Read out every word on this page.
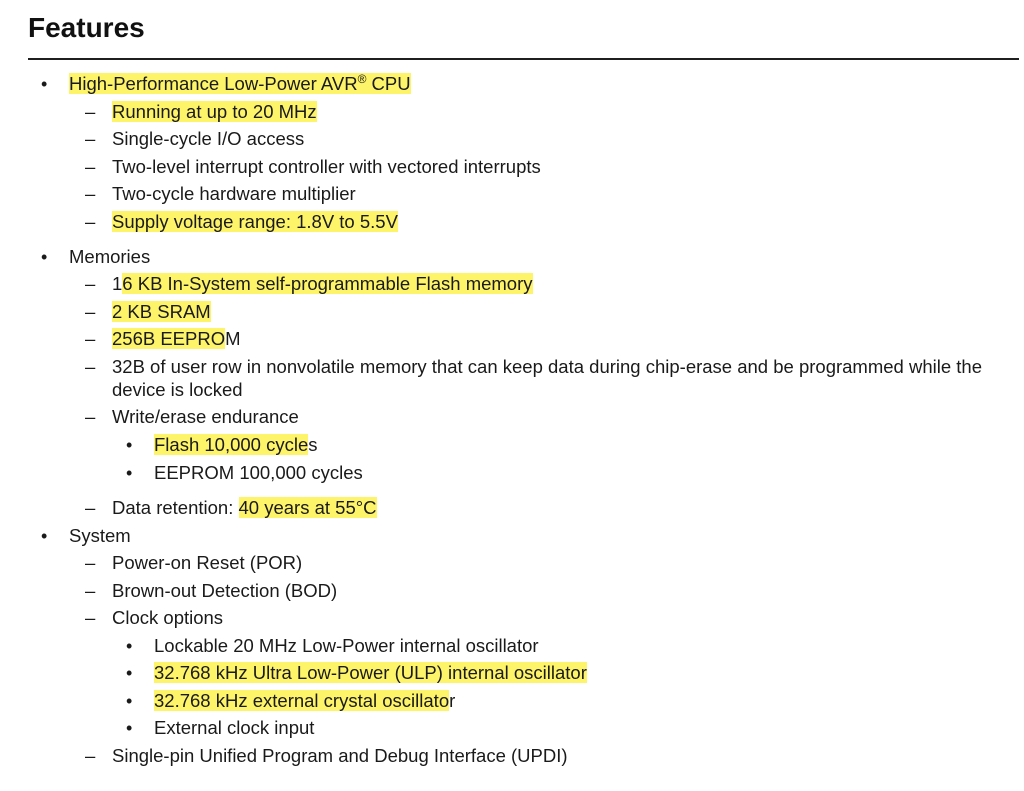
Features
• High-Performance Low-Power AVR® CPU
– Running at up to 20 MHz
– Single-cycle I/O access
– Two-level interrupt controller with vectored interrupts
– Two-cycle hardware multiplier
– Supply voltage range: 1.8V to 5.5V
• Memories
– 16 KB In-System self-programmable Flash memory
– 2 KB SRAM
– 256B EEPROM
– 32B of user row in nonvolatile memory that can keep data during chip-erase and be programmed while the
device is locked
– Write/erase endurance
• Flash 10,000 cycles
• EEPROM 100,000 cycles
– Data retention: 40 years at 55°C
• System
– Power-on Reset (POR)
– Brown-out Detection (BOD)
– Clock options
• Lockable 20 MHz Low-Power internal oscillator
• 32.768 kHz Ultra Low-Power (ULP) internal oscillator
• 32.768 kHz external crystal oscillator
• External clock input
– Single-pin Unified Program and Debug Interface (UPDI)
